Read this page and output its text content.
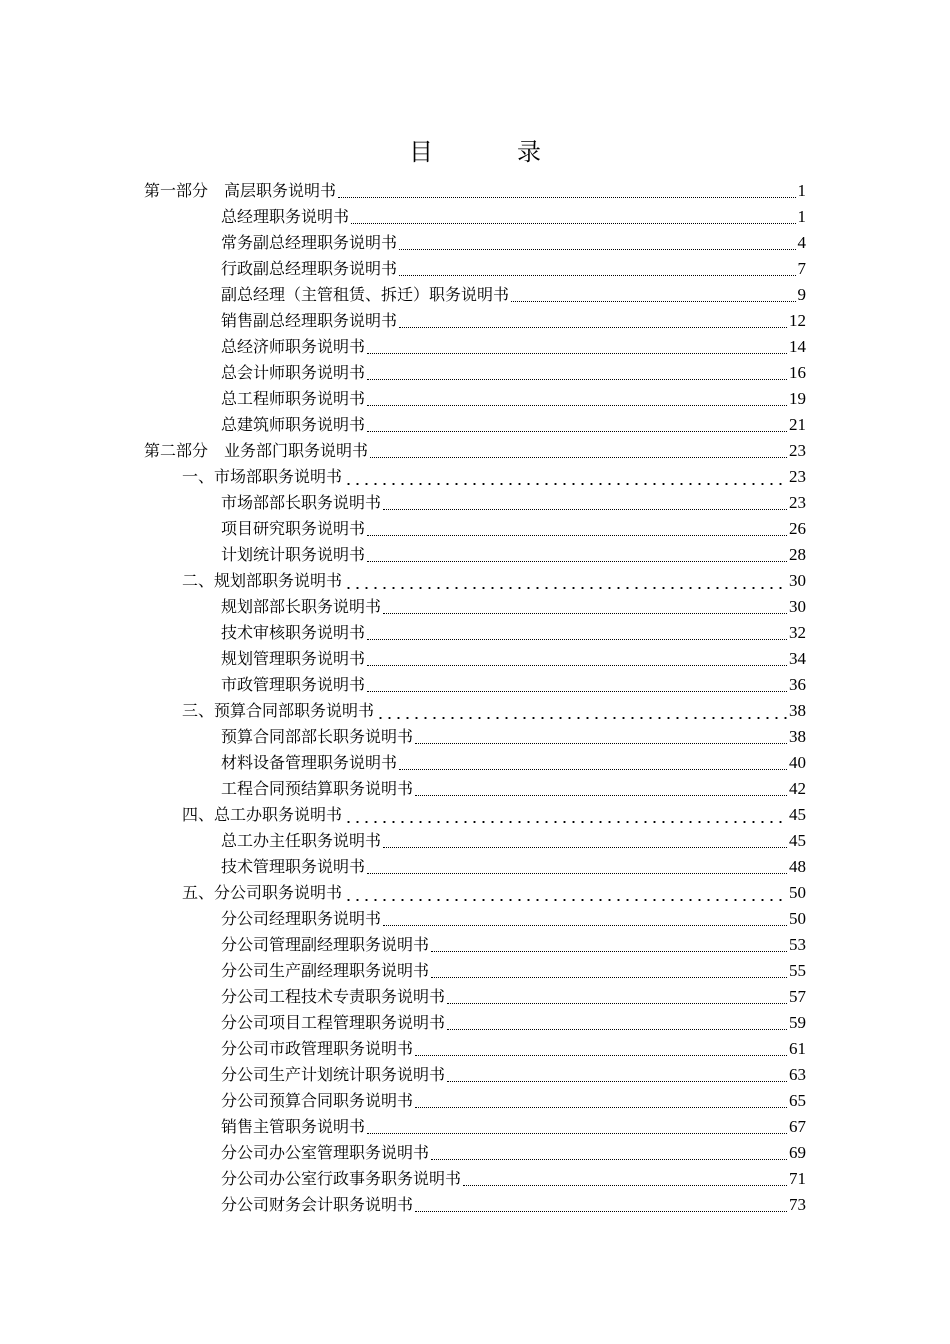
目　录
第一部分　高层职务说明书	1
总经理职务说明书	1
常务副总经理职务说明书	4
行政副总经理职务说明书	7
副总经理（主管租赁、拆迁）职务说明书	9
销售副总经理职务说明书	12
总经济师职务说明书	14
总会计师职务说明书	16
总工程师职务说明书	19
总建筑师职务说明书	21
第二部分　业务部门职务说明书	23
一、市场部职务说明书	23
市场部部长职务说明书	23
项目研究职务说明书	26
计划统计职务说明书	28
二、规划部职务说明书	30
规划部部长职务说明书	30
技术审核职务说明书	32
规划管理职务说明书	34
市政管理职务说明书	36
三、预算合同部职务说明书	38
预算合同部部长职务说明书	38
材料设备管理职务说明书	40
工程合同预结算职务说明书	42
四、总工办职务说明书	45
总工办主任职务说明书	45
技术管理职务说明书	48
五、分公司职务说明书	50
分公司经理职务说明书	50
分公司管理副经理职务说明书	53
分公司生产副经理职务说明书	55
分公司工程技术专责职务说明书	57
分公司项目工程管理职务说明书	59
分公司市政管理职务说明书	61
分公司生产计划统计职务说明书	63
分公司预算合同职务说明书	65
销售主管职务说明书	67
分公司办公室管理职务说明书	69
分公司办公室行政事务职务说明书	71
分公司财务会计职务说明书	73
